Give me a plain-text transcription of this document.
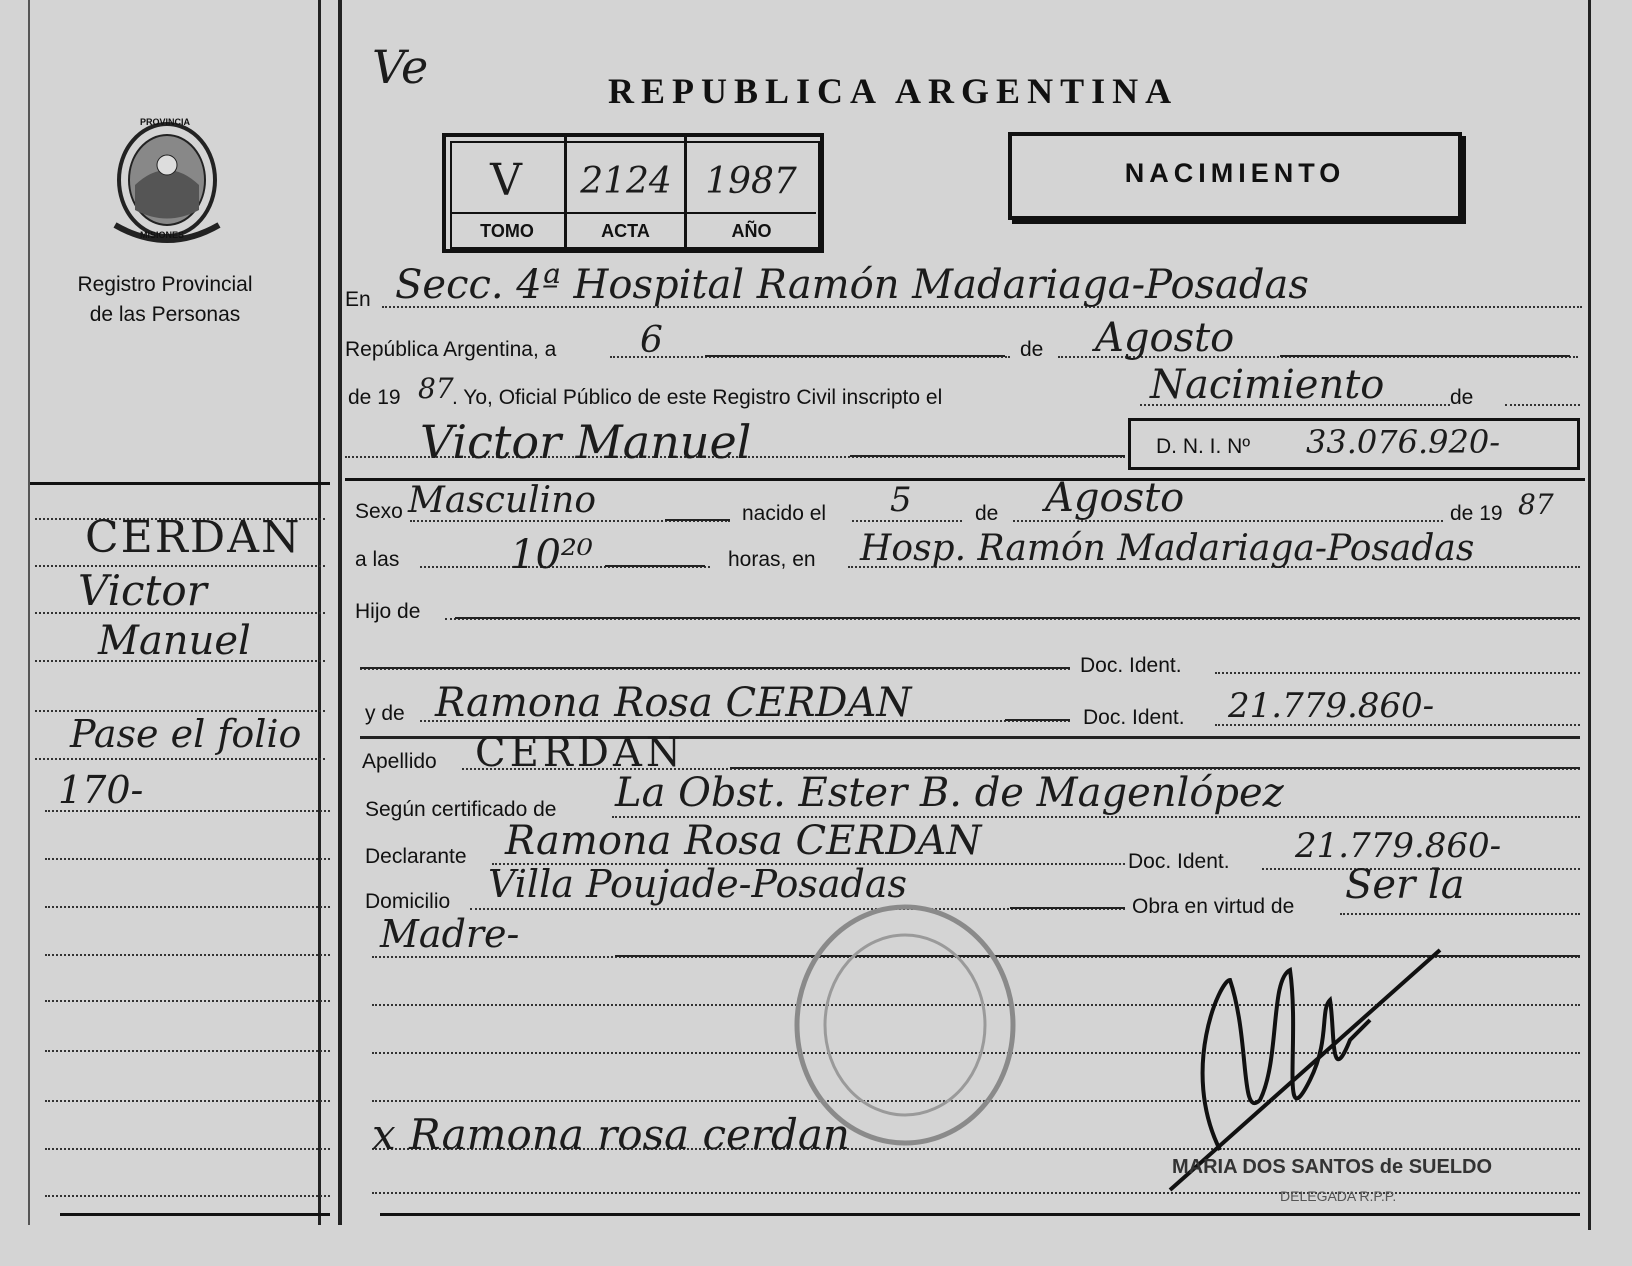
PROVINCIA
MISIONES
Registro Provincial
de las Personas
Ve	REPUBLICA ARGENTINA
V	2124 1987
TOMO	ACTA	AÑO
NACIMIENTO
CERDAN
Victor
Manuel
Pase el folio
170-
En Secc. 4ª Hospital Ramón Madariaga-Posadas
República Argentina, a 6	de Agosto
de 19 87
. Yo, Oficial Público de este Registro Civil inscripto el	Nacimiento	de
Victor Manuel	D. N. I. Nº 33.076.920-
Sexo Masculino	nacido el 5	de Agosto	de 19 87
a las	10²⁰	horas, en Hosp. Ramón Madariaga-Posadas
Hijo de
Doc. Ident.
y de Ramona Rosa CERDAN	Doc. Ident. 21.779.860-
Apellido CERDAN
Según certificado de La Obst. Ester B. de Magenlópez
Declarante Ramona Rosa CERDAN	Doc. Ident. 21.779.860-
Domicilio Villa Poujade-Posadas
Obra en virtud de Ser la
Madre-
x Ramona rosa cerdan
MARIA DOS SANTOS de SUELDO
DELEGADA R.P.P.
